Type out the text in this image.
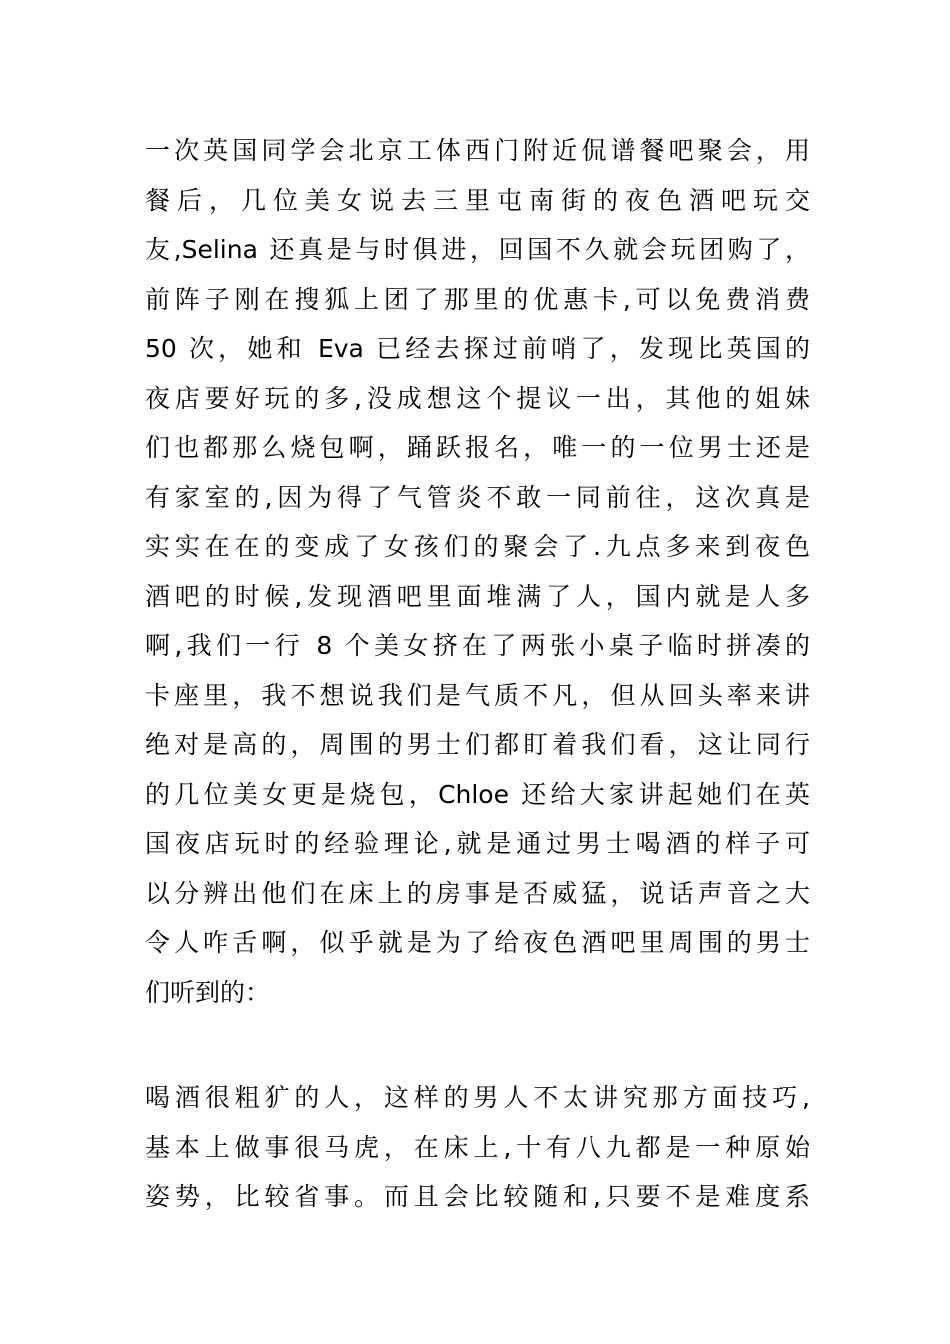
一次英国同学会北京工体西门附近侃谱餐吧聚会，用
餐后，几位美女说去三里屯南街的夜色酒吧玩交
友,Selina 还真是与时俱进，回国不久就会玩团购了，
前阵子刚在搜狐上团了那里的优惠卡,可以免费消费
50 次，她和 Eva 已经去探过前哨了，发现比英国的
夜店要好玩的多,没成想这个提议一出，其他的姐妹
们也都那么烧包啊，踊跃报名，唯一的一位男士还是
有家室的,因为得了气管炎不敢一同前往，这次真是
实实在在的变成了女孩们的聚会了.九点多来到夜色
酒吧的时候,发现酒吧里面堆满了人，国内就是人多
啊,我们一行 8 个美女挤在了两张小桌子临时拼凑的
卡座里，我不想说我们是气质不凡，但从回头率来讲
绝对是高的，周围的男士们都盯着我们看，这让同行
的几位美女更是烧包，Chloe 还给大家讲起她们在英
国夜店玩时的经验理论,就是通过男士喝酒的样子可
以分辨出他们在床上的房事是否威猛，说话声音之大
令人咋舌啊，似乎就是为了给夜色酒吧里周围的男士
们听到的：
喝酒很粗犷的人，这样的男人不太讲究那方面技巧,
基本上做事很马虎，在床上,十有八九都是一种原始
姿势，比较省事。而且会比较随和,只要不是难度系
